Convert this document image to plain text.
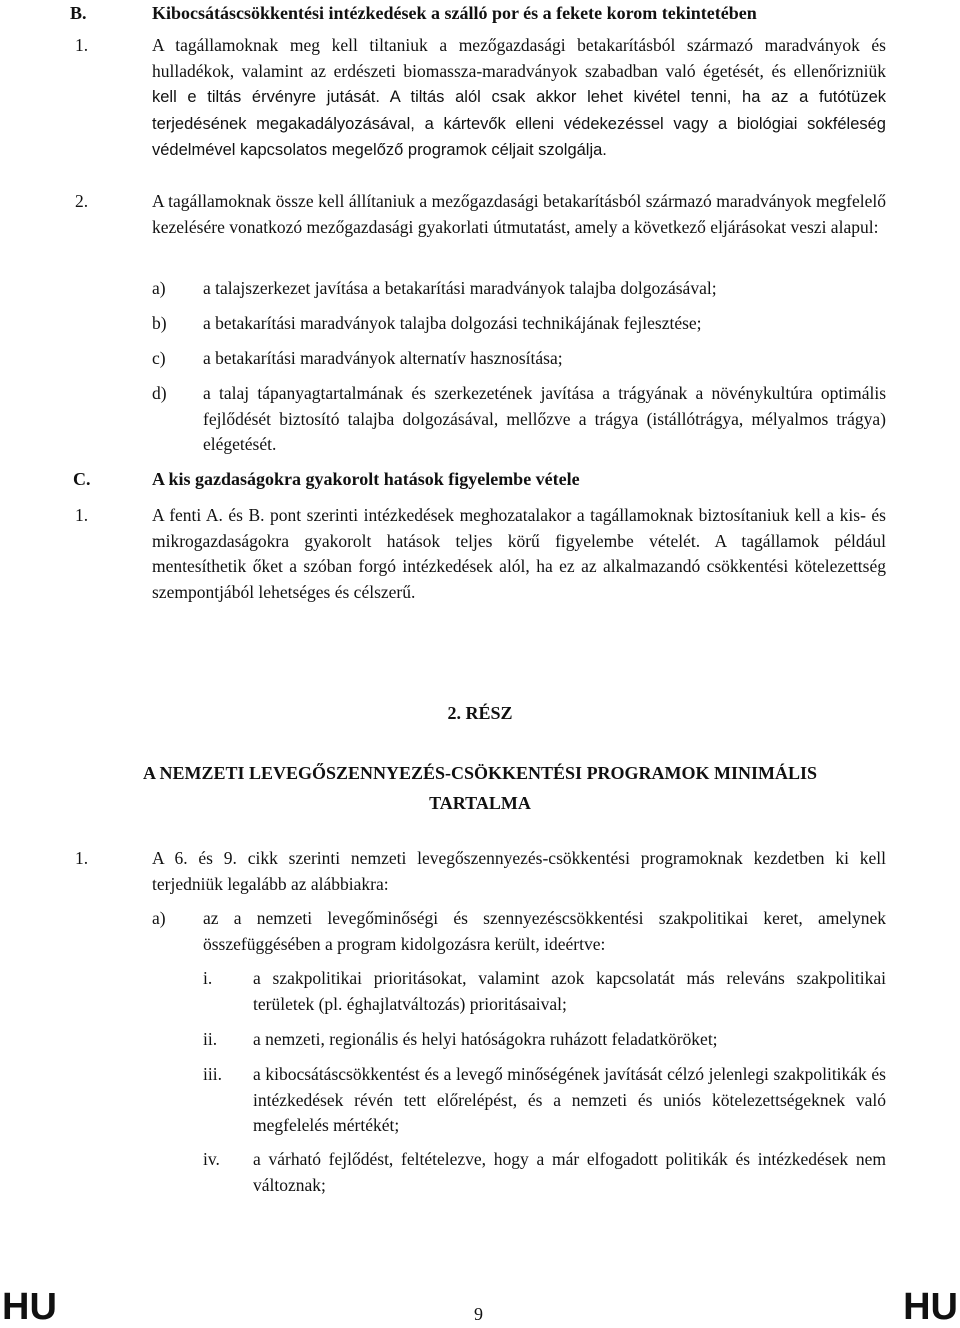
B.	Kibocsátáscsökkentési intézkedések a szálló por és a fekete korom tekintetében
1.	A tagállamoknak meg kell tiltaniuk a mezőgazdasági betakarításból származó maradványok és hulladékok, valamint az erdészeti biomassza-maradványok szabadban való égetését, és ellenőrizniük kell e tiltás érvényre jutását. A tiltás alól csak akkor lehet kivétel tenni, ha az a futótüzek terjedésének megakadályozásával, a kártevők elleni védekezéssel vagy a biológiai sokféleség védelmével kapcsolatos megelőző programok céljait szolgálja.
2.	A tagállamoknak össze kell állítaniuk a mezőgazdasági betakarításból származó maradványok megfelelő kezelésére vonatkozó mezőgazdasági gyakorlati útmutatást, amely a következő eljárásokat veszi alapul:
a) a talajszerkezet javítása a betakarítási maradványok talajba dolgozásával;
b) a betakarítási maradványok talajba dolgozási technikájának fejlesztése;
c) a betakarítási maradványok alternatív hasznosítása;
d) a talaj tápanyagtartalmának és szerkezetének javítása a trágyának a növénykultúra optimális fejlődését biztosító talajba dolgozásával, mellőzve a trágya (istállótrágya, mélyalmos trágya) elégetését.
C.	A kis gazdaságokra gyakorolt hatások figyelembe vétele
1.	A fenti A. és B. pont szerinti intézkedések meghozatalakor a tagállamoknak biztosítaniuk kell a kis- és mikrogazdaságokra gyakorolt hatások teljes körű figyelembe vételét. A tagállamok például mentesíthetik őket a szóban forgó intézkedések alól, ha ez az alkalmazandó csökkentési kötelezettség szempontjából lehetséges és célszerű.
2. RÉSZ
A NEMZETI LEVEGŐSZENNYEZÉS-CSÖKKENTÉSI PROGRAMOK MINIMÁLIS
TARTALMA
1.	A 6. és 9. cikk szerinti nemzeti levegőszennyezés-csökkentési programoknak kezdetben ki kell terjedniük legalább az alábbiakra:
a) az a nemzeti levegőminőségi és szennyezéscsökkentési szakpolitikai keret, amelynek összefüggésében a program kidolgozásra került, ideértve:
i. a szakpolitikai prioritásokat, valamint azok kapcsolatát más releváns szakpolitikai területek (pl. éghajlatváltozás) prioritásaival;
ii. a nemzeti, regionális és helyi hatóságokra ruházott feladatköröket;
iii. a kibocsátáscsökkentést és a levegő minőségének javítását célzó jelenlegi szakpolitikák és intézkedések révén tett előrelépést, és a nemzeti és uniós kötelezettségeknek való megfelelés mértékét;
iv. a várható fejlődést, feltételezve, hogy a már elfogadott politikák és intézkedések nem változnak;
HU	9	HU
